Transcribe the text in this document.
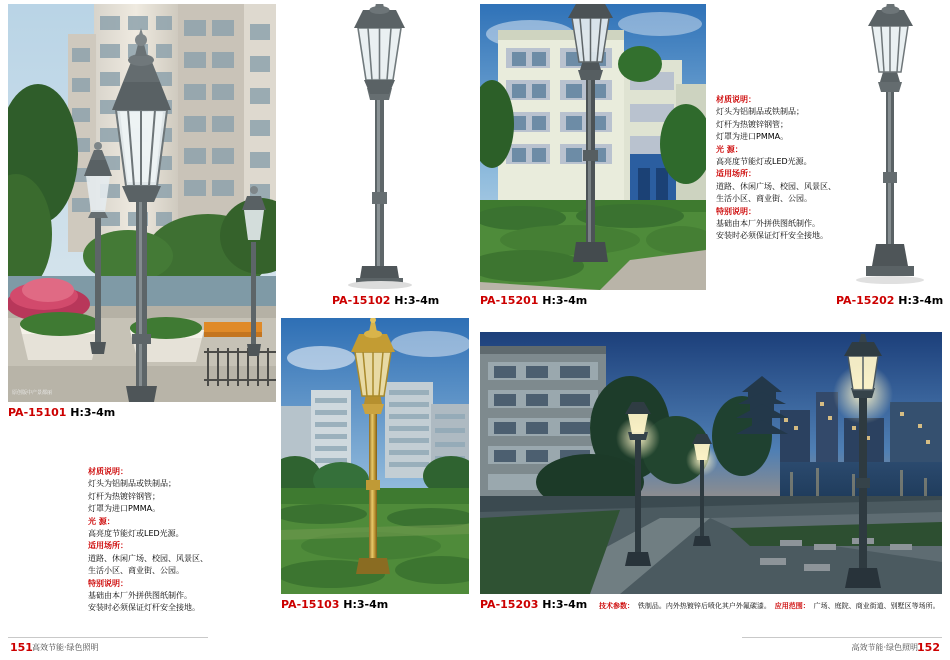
原创版中产景都丽
PA-15101 H:3-4m
材质说明：
灯头为铝制品或铁制品；
灯杆为热镀锌钢管；
灯罩为进口PMMA。
光 源：
高亮度节能灯或LED光源。
适用场所：
道路、休闲广场、校园、风景区、
生活小区、商业街、公园。
特别说明：
基础由本厂外拼供图纸制作。
安装时必须保证灯杆安全接地。
PA-15102 H:3-4m
PA-15103 H:3-4m
PA-15201 H:3-4m
材质说明：
灯头为铝制品或铁制品；
灯杆为热镀锌钢管；
灯罩为进口PMMA。
光 源：
高亮度节能灯或LED光源。
适用场所：
道路、休闲广场、校园、风景区、
生活小区、商业街、公园。
特别说明：
基础由本厂外拼供图纸制作。
安装时必须保证灯杆安全接地。
PA-15202 H:3-4m
PA-15203 H:3-4m 技术参数： 铁制品。内外热镀锌后喷化其户外氟碳漆。 应用范围： 广场、庭院、商业街道、别墅区等场所。
151 高效节能·绿色照明	152
高效节能·绿色照明
